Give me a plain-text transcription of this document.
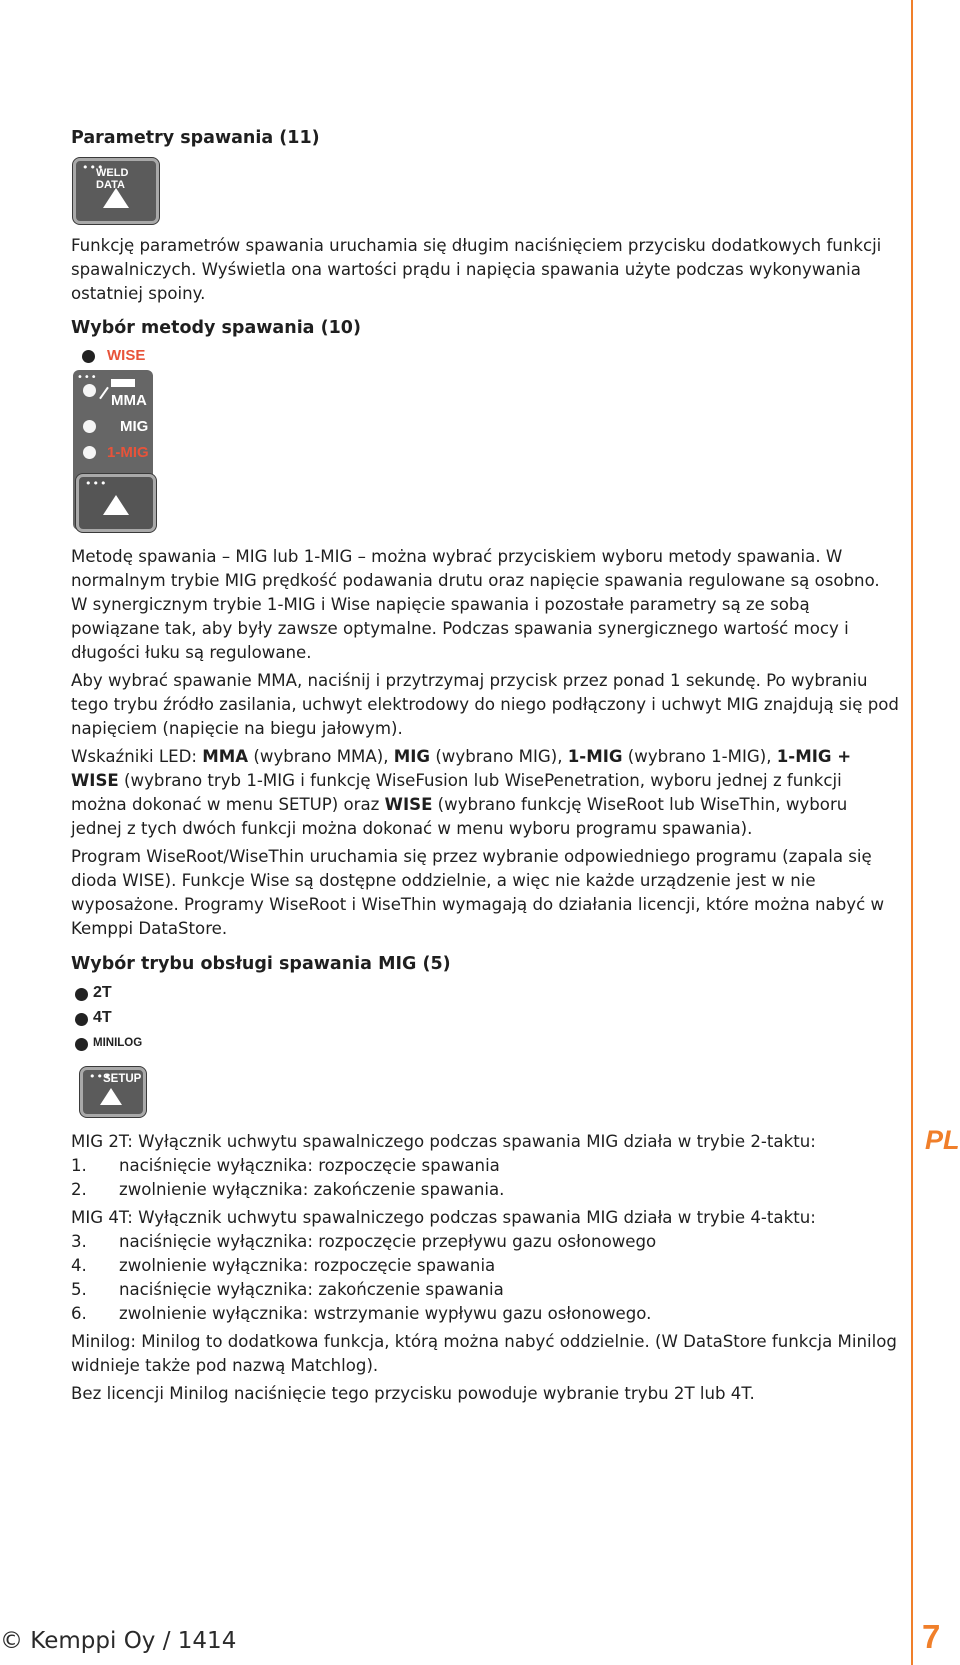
PL
7
© Kemppi Oy / 1414
Parametry spawania (11)

Funkcję parametrów spawania uruchamia się długim naciśnięciem przycisku dodatkowych funkcji spawalniczych. Wyświetla ona wartości prądu i napięcia spawania użyte podczas wykonywania ostatniej spoiny.

Wybór metody spawania (10)

Metodę spawania – MIG lub 1-MIG – można wybrać przyciskiem wyboru metody spawania. W normalnym trybie MIG prędkość podawania drutu oraz napięcie spawania regulowane są osobno. W synergicznym trybie 1-MIG i Wise napięcie spawania i pozostałe parametry są ze sobą powiązane tak, aby były zawsze optymalne. Podczas spawania synergicznego wartość mocy i długości łuku są regulowane.

Aby wybrać spawanie MMA, naciśnij i przytrzymaj przycisk przez ponad 1 sekundę. Po wybraniu tego trybu źródło zasilania, uchwyt elektrodowy do niego podłączony i uchwyt MIG znajdują się pod napięciem (napięcie na biegu jałowym).

Wskaźniki LED: MMA (wybrano MMA), MIG (wybrano MIG), 1-MIG (wybrano 1-MIG), 1-MIG + WISE (wybrano tryb 1-MIG i funkcję WiseFusion lub WisePenetration, wyboru jednej z funkcji można dokonać w menu SETUP) oraz WISE (wybrano funkcję WiseRoot lub WiseThin, wyboru jednej z tych dwóch funkcji można dokonać w menu wyboru programu spawania).

Program WiseRoot/WiseThin uruchamia się przez wybranie odpowiedniego programu (zapala się dioda WISE). Funkcje Wise są dostępne oddzielnie, a więc nie każde urządzenie jest w nie wyposażone. Programy WiseRoot i WiseThin wymagają do działania licencji, które można nabyć w Kemppi DataStore.

Wybór trybu obsługi spawania MIG (5)

MIG 2T: Wyłącznik uchwytu spawalniczego podczas spawania MIG działa w trybie 2-taktu:

1.	naciśnięcie wyłącznika: rozpoczęcie spawania
2.	zwolnienie wyłącznika: zakończenie spawania.

MIG 4T: Wyłącznik uchwytu spawalniczego podczas spawania MIG działa w trybie 4-taktu:

3.	naciśnięcie wyłącznika: rozpoczęcie przepływu gazu osłonowego
4.	zwolnienie wyłącznika: rozpoczęcie spawania
5.	naciśnięcie wyłącznika: zakończenie spawania
6.	zwolnienie wyłącznika: wstrzymanie wypływu gazu osłonowego.

Minilog: Minilog to dodatkowa funkcja, którą można nabyć oddzielnie. (W DataStore funkcja Minilog widnieje także pod nazwą Matchlog).

Bez licencji Minilog naciśnięcie tego przycisku powoduje wybranie trybu 2T lub 4T.

•••
WELD DATA
WISE
•••
MMA
MIG
1-MIG
•••
2T
4T
MINILOG
•••
SETUP
